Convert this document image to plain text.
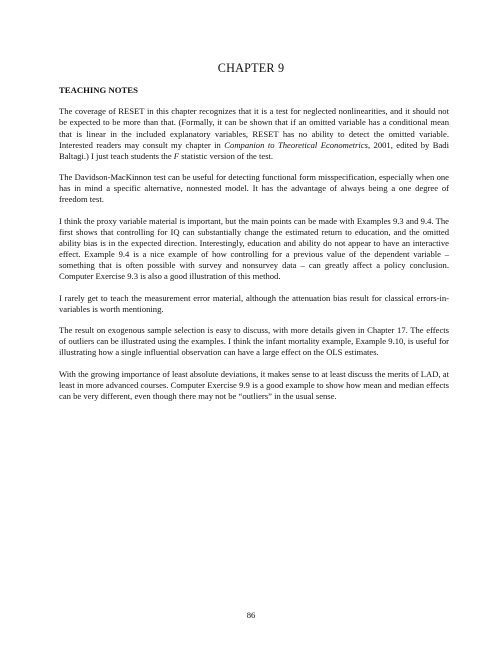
CHAPTER 9
TEACHING NOTES

The coverage of RESET in this chapter recognizes that it is a test for neglected nonlinearities, and it should not be expected to be more than that. (Formally, it can be shown that if an omitted variable has a conditional mean that is linear in the included explanatory variables, RESET has no ability to detect the omitted variable. Interested readers may consult my chapter in Companion to Theoretical Econometrics, 2001, edited by Badi Baltagi.) I just teach students the F statistic version of the test.

The Davidson-MacKinnon test can be useful for detecting functional form misspecification, especially when one has in mind a specific alternative, nonnested model. It has the advantage of always being a one degree of freedom test.

I think the proxy variable material is important, but the main points can be made with Examples 9.3 and 9.4. The first shows that controlling for IQ can substantially change the estimated return to education, and the omitted ability bias is in the expected direction. Interestingly, education and ability do not appear to have an interactive effect. Example 9.4 is a nice example of how controlling for a previous value of the dependent variable – something that is often possible with survey and nonsurvey data – can greatly affect a policy conclusion. Computer Exercise 9.3 is also a good illustration of this method.

I rarely get to teach the measurement error material, although the attenuation bias result for classical errors-in-variables is worth mentioning.

The result on exogenous sample selection is easy to discuss, with more details given in Chapter 17. The effects of outliers can be illustrated using the examples. I think the infant mortality example, Example 9.10, is useful for illustrating how a single influential observation can have a large effect on the OLS estimates.

With the growing importance of least absolute deviations, it makes sense to at least discuss the merits of LAD, at least in more advanced courses. Computer Exercise 9.9 is a good example to show how mean and median effects can be very different, even though there may not be “outliers” in the usual sense.

86
